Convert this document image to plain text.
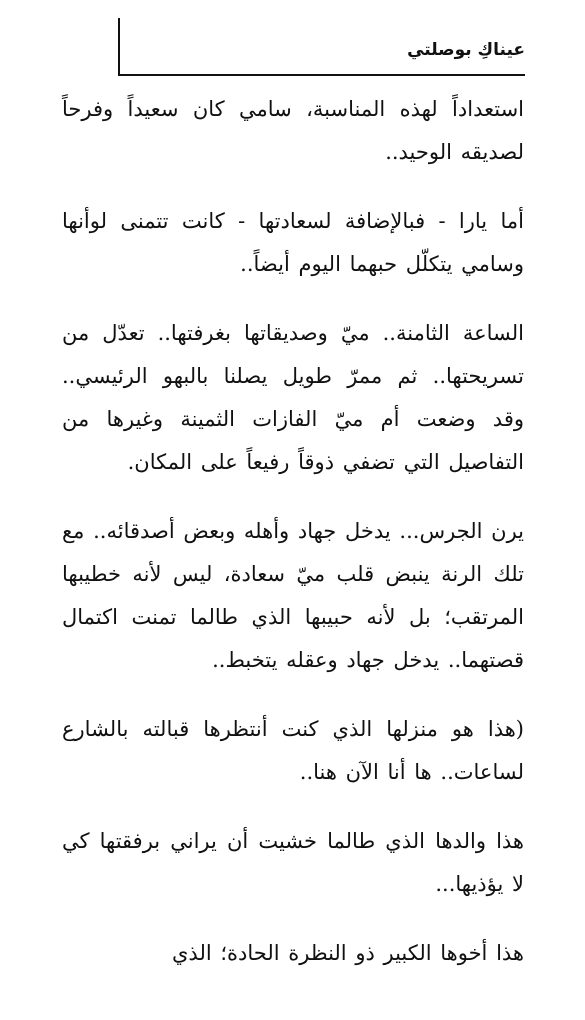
عيناكِ بوصلتي

استعداداً لهذه المناسبة، سامي كان سعيداً وفرحاً لصديقه الوحيد..

أما يارا - فبالإضافة لسعادتها - كانت تتمنى لوأنها وسامي يتكلّل حبهما اليوم أيضاً..

الساعة الثامنة.. ميّ وصديقاتها بغرفتها.. تعدّل من تسريحتها.. ثم ممرّ طويل يصلنا بالبهو الرئيسي.. وقد وضعت أم ميّ الفازات الثمينة وغيرها من التفاصيل التي تضفي ذوقاً رفيعاً على المكان.

يرن الجرس... يدخل جهاد وأهله وبعض أصدقائه.. مع تلك الرنة ينبض قلب ميّ سعادة، ليس لأنه خطيبها المرتقب؛ بل لأنه حبيبها الذي طالما تمنت اكتمال قصتهما.. يدخل جهاد وعقله يتخبط..

(هذا هو منزلها الذي كنت أنتظرها قبالته بالشارع لساعات.. ها أنا الآن هنا..

هذا والدها الذي طالما خشيت أن يراني برفقتها كي لا يؤذيها...

هذا أخوها الكبير ذو النظرة الحادة؛ الذي
